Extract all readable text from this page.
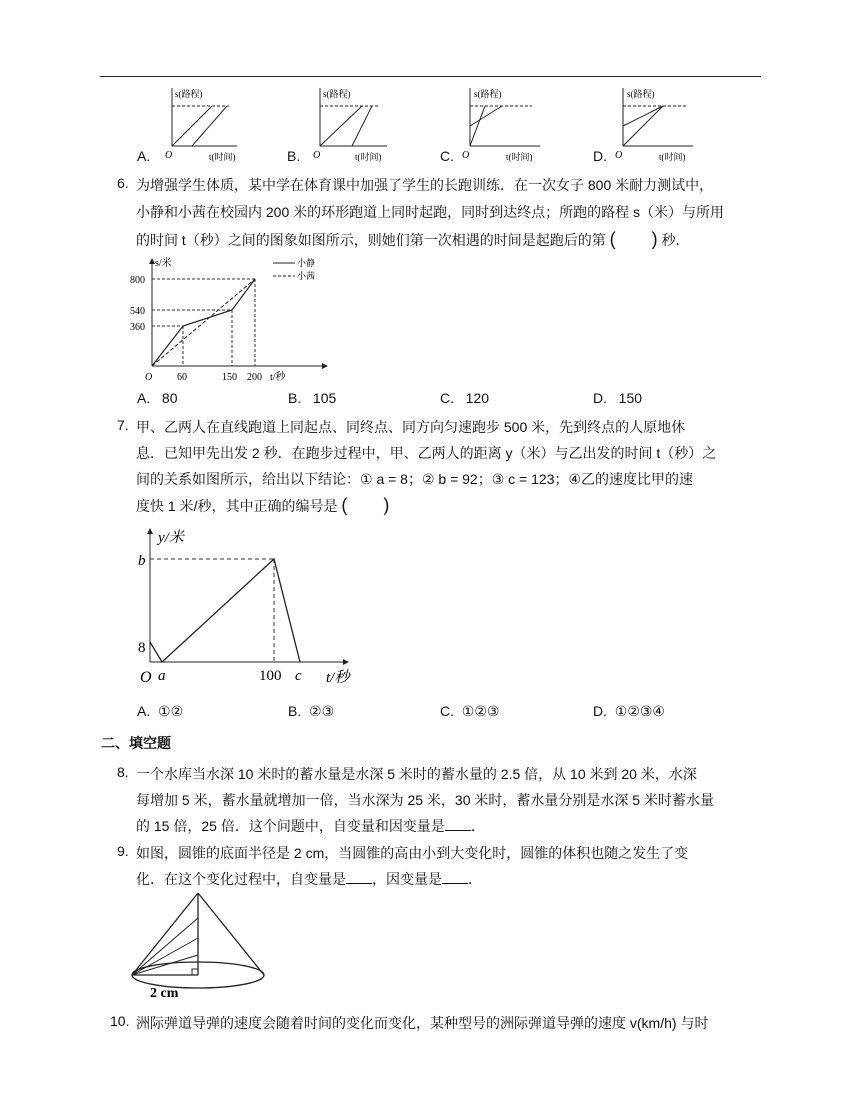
A.
s(路程)
O	t(时间)	B.
s(路程)
O	t(时间)	C.
s(路程)
O	t(时间)	D.
s(路程)
O	t(时间)
6. 为增强学生体质，某中学在体育课中加强了学生的长跑训练．在一次女子 800 米耐力测试中，
小静和小茜在校园内 200 米的环形跑道上同时起跑，同时到达终点；所跑的路程 s（米）与所用
的时间 t（秒）之间的图象如图所示，则她们第一次相遇的时间是起跑后的第 (　　) 秒．
s/米
800
540
360
O 60	150 200 t/秒
小静
小茜
A. 80	B. 105	C. 120	D. 150
7. 甲、乙两人在直线跑道上同起点、同终点、同方向匀速跑步 500 米，先到终点的人原地休
息．已知甲先出发 2 秒．在跑步过程中，甲、乙两人的距离 y（米）与乙出发的时间 t（秒）之
间的关系如图所示，给出以下结论：① a = 8；② b = 92；③ c = 123；④乙的速度比甲的速
度快 1 米/秒，其中正确的编号是 (　　)
y/米
b
8
O a	100 c t/秒
A. ①②	B. ②③	C. ①②③	D. ①②③④
二、填空题
8. 一个水库当水深 10 米时的蓄水量是水深 5 米时的蓄水量的 2.5 倍，从 10 米到 20 米，水深
每增加 5 米，蓄水量就增加一倍，当水深为 25 米，30 米时，蓄水量分别是水深 5 米时蓄水量
的 15 倍，25 倍．这个问题中，自变量和因变量是 ．
9. 如图，圆锥的底面半径是 2 cm，当圆锥的高由小到大变化时，圆锥的体积也随之发生了变
化．在这个变化过程中，自变量是 ，因变量是 ．
2 cm
10. 洲际弹道导弹的速度会随着时间的变化而变化，某种型号的洲际弹道导弹的速度 v(km/h) 与时
